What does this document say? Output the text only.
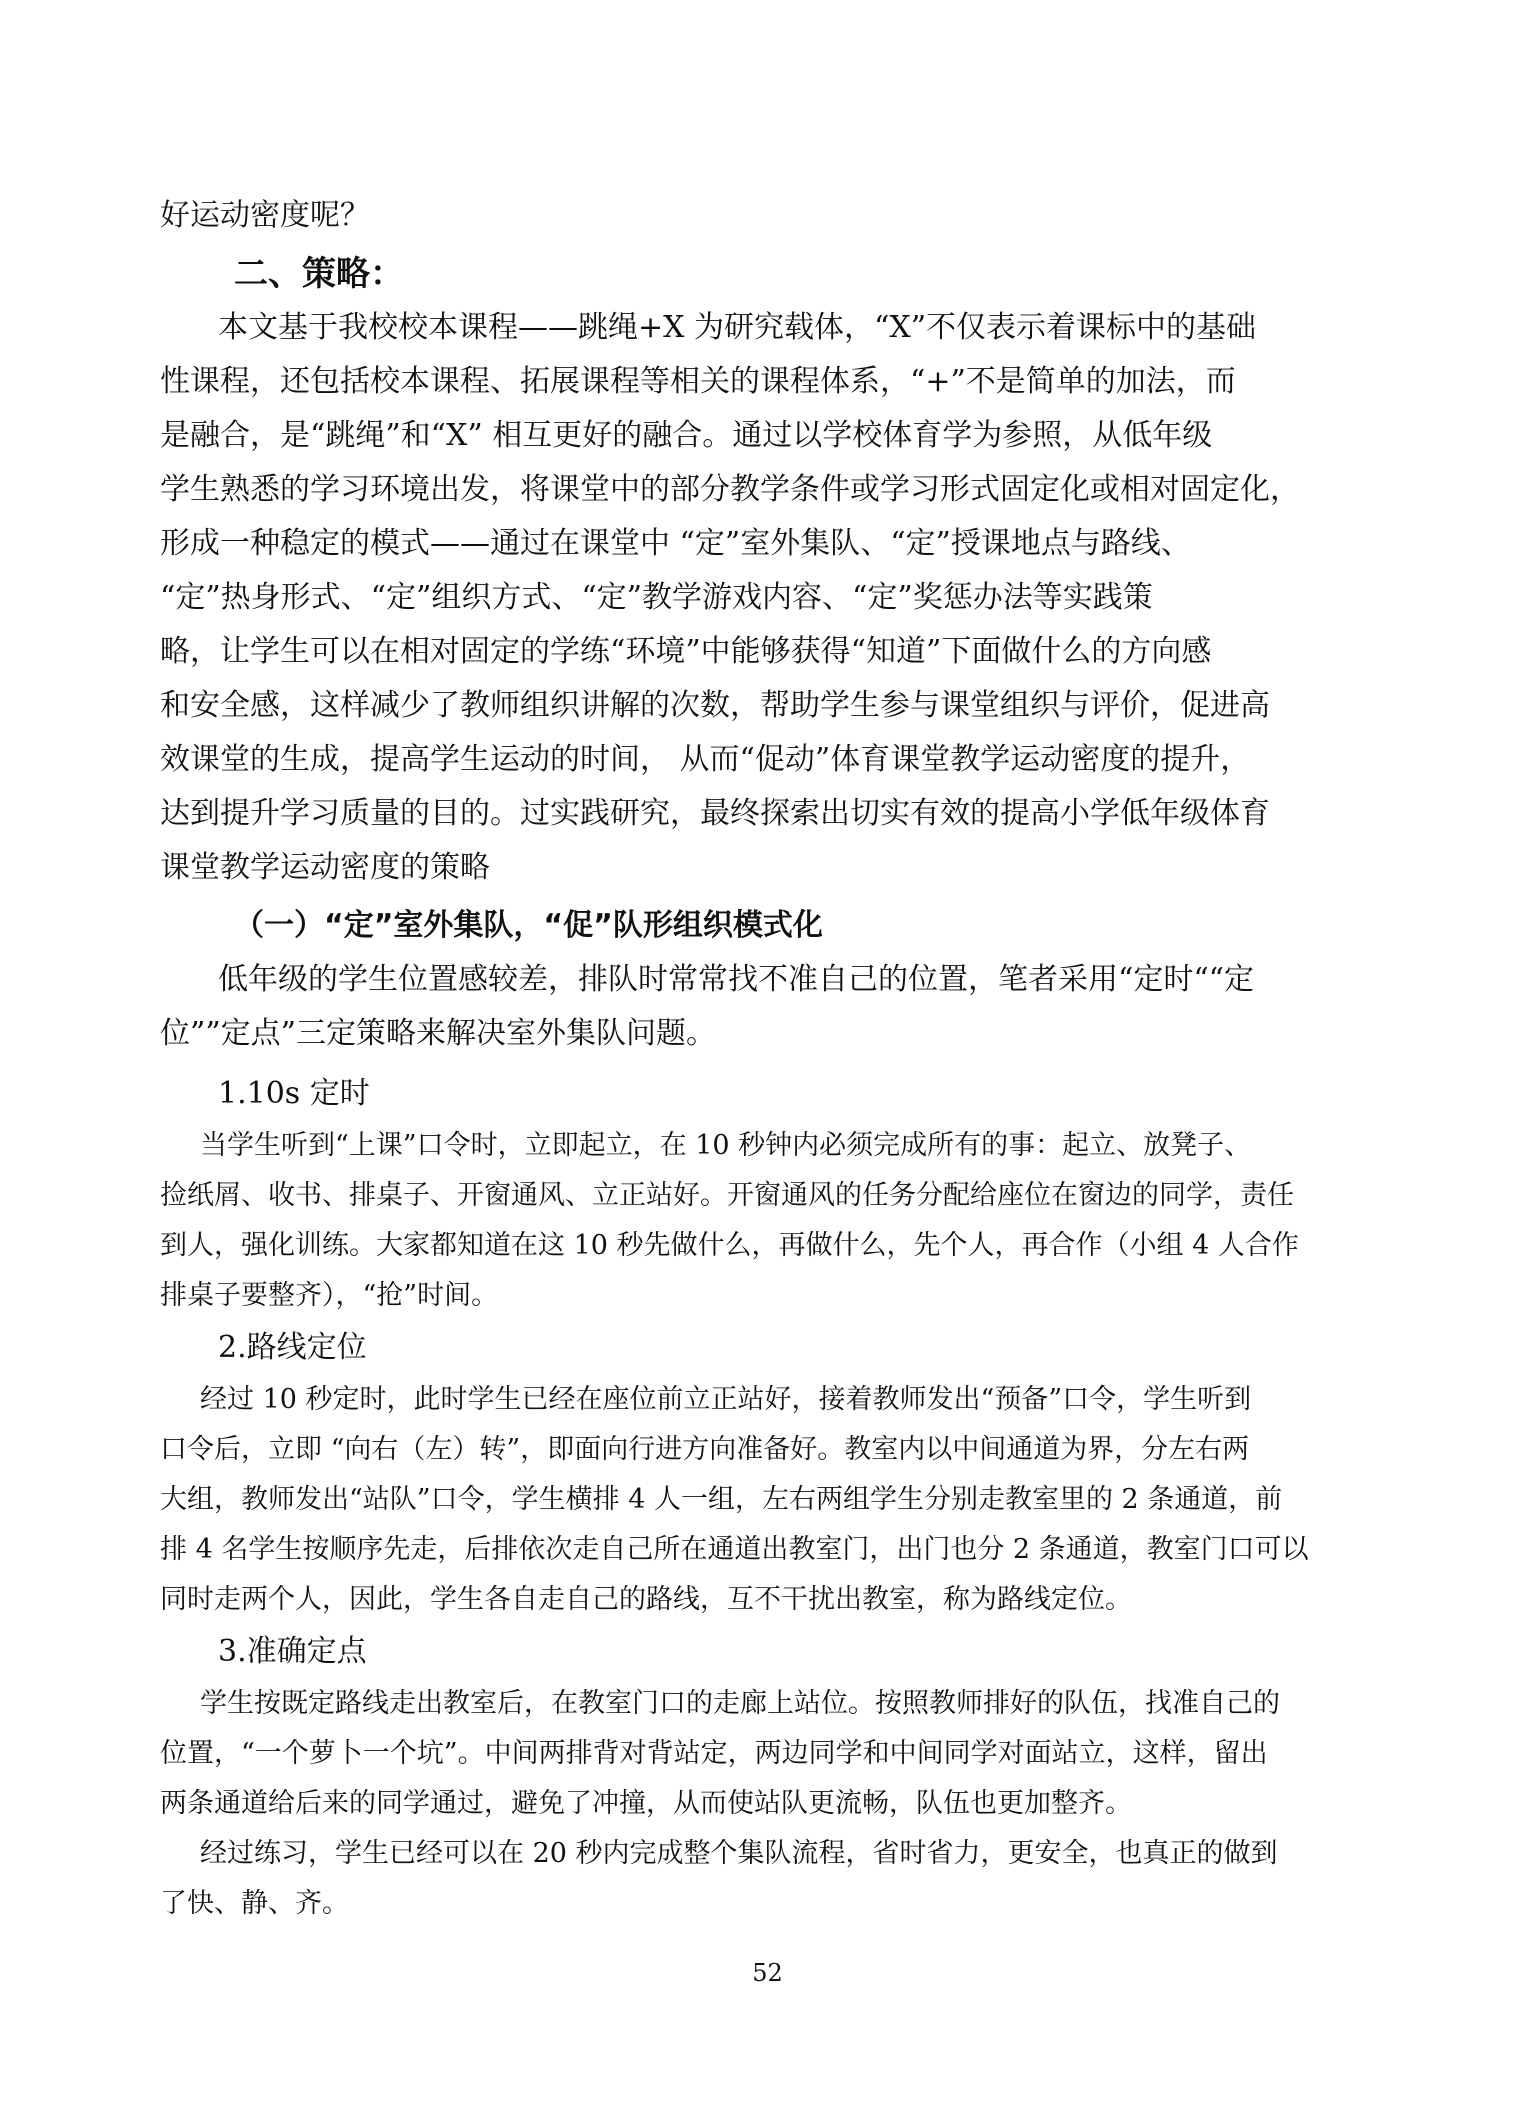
好运动密度呢？
二、策略：
本文基于我校校本课程——跳绳+X 为研究载体，“X”不仅表示着课标中的基础
性课程，还包括校本课程、拓展课程等相关的课程体系，“+”不是简单的加法，而
是融合，是“跳绳”和“X” 相互更好的融合。通过以学校体育学为参照，从低年级
学生熟悉的学习环境出发，将课堂中的部分教学条件或学习形式固定化或相对固定化，
形成一种稳定的模式——通过在课堂中 “定”室外集队、“定”授课地点与路线、
“定”热身形式、“定”组织方式、“定”教学游戏内容、“定”奖惩办法等实践策
略，让学生可以在相对固定的学练“环境”中能够获得“知道”下面做什么的方向感
和安全感，这样减少了教师组织讲解的次数，帮助学生参与课堂组织与评价，促进高
效课堂的生成，提高学生运动的时间， 从而“促动”体育课堂教学运动密度的提升，
达到提升学习质量的目的。过实践研究，最终探索出切实有效的提高小学低年级体育
课堂教学运动密度的策略
（一）“定”室外集队，“促”队形组织模式化
低年级的学生位置感较差，排队时常常找不准自己的位置，笔者采用“定时““定
位””定点”三定策略来解决室外集队问题。
1.10s 定时
当学生听到“上课”口令时，立即起立，在 10 秒钟内必须完成所有的事：起立、放凳子、
捡纸屑、收书、排桌子、开窗通风、立正站好。开窗通风的任务分配给座位在窗边的同学，责任
到人，强化训练。大家都知道在这 10 秒先做什么，再做什么，先个人，再合作（小组 4 人合作
排桌子要整齐），“抢”时间。
2.路线定位
经过 10 秒定时，此时学生已经在座位前立正站好，接着教师发出“预备”口令，学生听到
口令后，立即 “向右（左）转”，即面向行进方向准备好。教室内以中间通道为界，分左右两
大组，教师发出“站队”口令，学生横排 4 人一组，左右两组学生分别走教室里的 2 条通道，前
排 4 名学生按顺序先走，后排依次走自己所在通道出教室门，出门也分 2 条通道，教室门口可以
同时走两个人，因此，学生各自走自己的路线，互不干扰出教室，称为路线定位。
3.准确定点
学生按既定路线走出教室后，在教室门口的走廊上站位。按照教师排好的队伍，找准自己的
位置，“一个萝卜一个坑”。中间两排背对背站定，两边同学和中间同学对面站立，这样，留出
两条通道给后来的同学通过，避免了冲撞，从而使站队更流畅，队伍也更加整齐。
经过练习，学生已经可以在 20 秒内完成整个集队流程，省时省力，更安全，也真正的做到
了快、静、齐。
52
